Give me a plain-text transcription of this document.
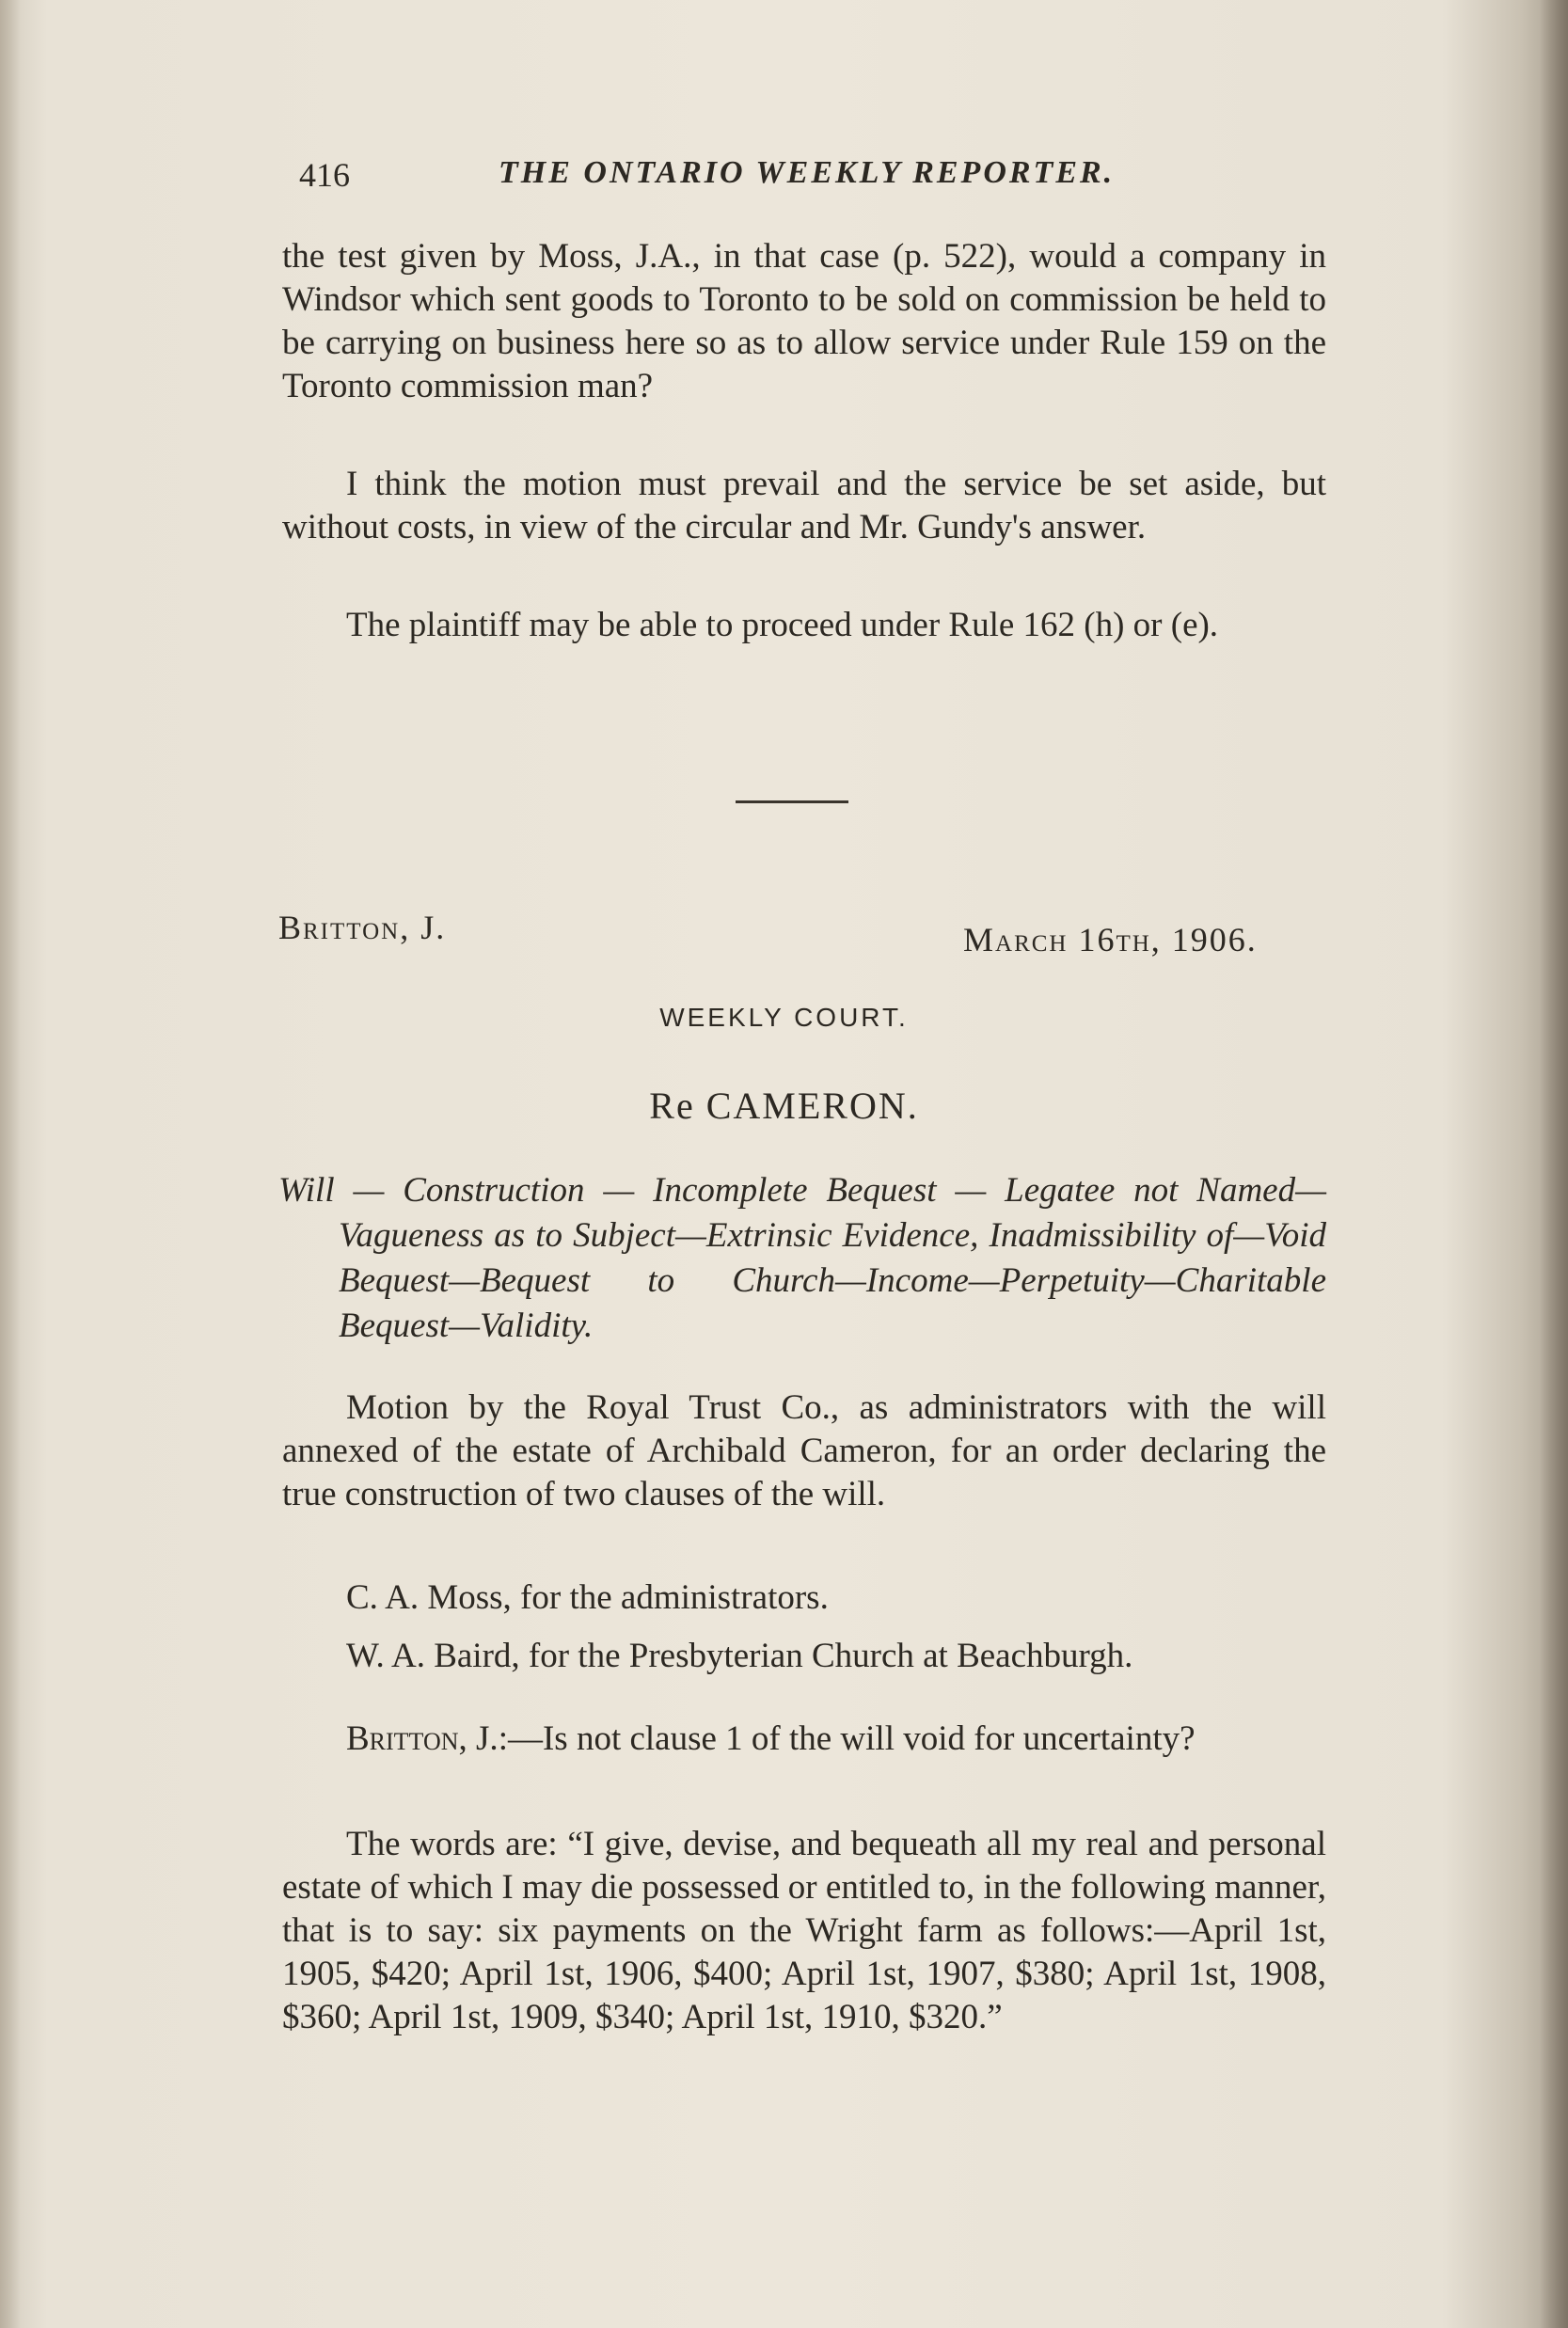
416	THE ONTARIO WEEKLY REPORTER.

the test given by Moss, J.A., in that case (p. 522), would a company in Windsor which sent goods to Toronto to be sold on commission be held to be carrying on business here so as to allow service under Rule 159 on the Toronto commission man?

I think the motion must prevail and the service be set aside, but without costs, in view of the circular and Mr. Gundy's answer.

The plaintiff may be able to proceed under Rule 162 (h) or (e).

Britton, J.	March 16th, 1906.
WEEKLY COURT.
Re CAMERON.
Will — Construction — Incomplete Bequest — Legatee not Named—Vagueness as to Subject—Extrinsic Evidence, Inadmissibility of—Void Bequest—Bequest to Church—Income—Perpetuity—Charitable Bequest—Validity.

Motion by the Royal Trust Co., as administrators with the will annexed of the estate of Archibald Cameron, for an order declaring the true construction of two clauses of the will.

C. A. Moss, for the administrators.

W. A. Baird, for the Presbyterian Church at Beachburgh.

Britton, J.:—Is not clause 1 of the will void for uncertainty?

The words are: “I give, devise, and bequeath all my real and personal estate of which I may die possessed or entitled to, in the following manner, that is to say: six payments on the Wright farm as follows:—April 1st, 1905, $420; April 1st, 1906, $400; April 1st, 1907, $380; April 1st, 1908, $360; April 1st, 1909, $340; April 1st, 1910, $320.”
